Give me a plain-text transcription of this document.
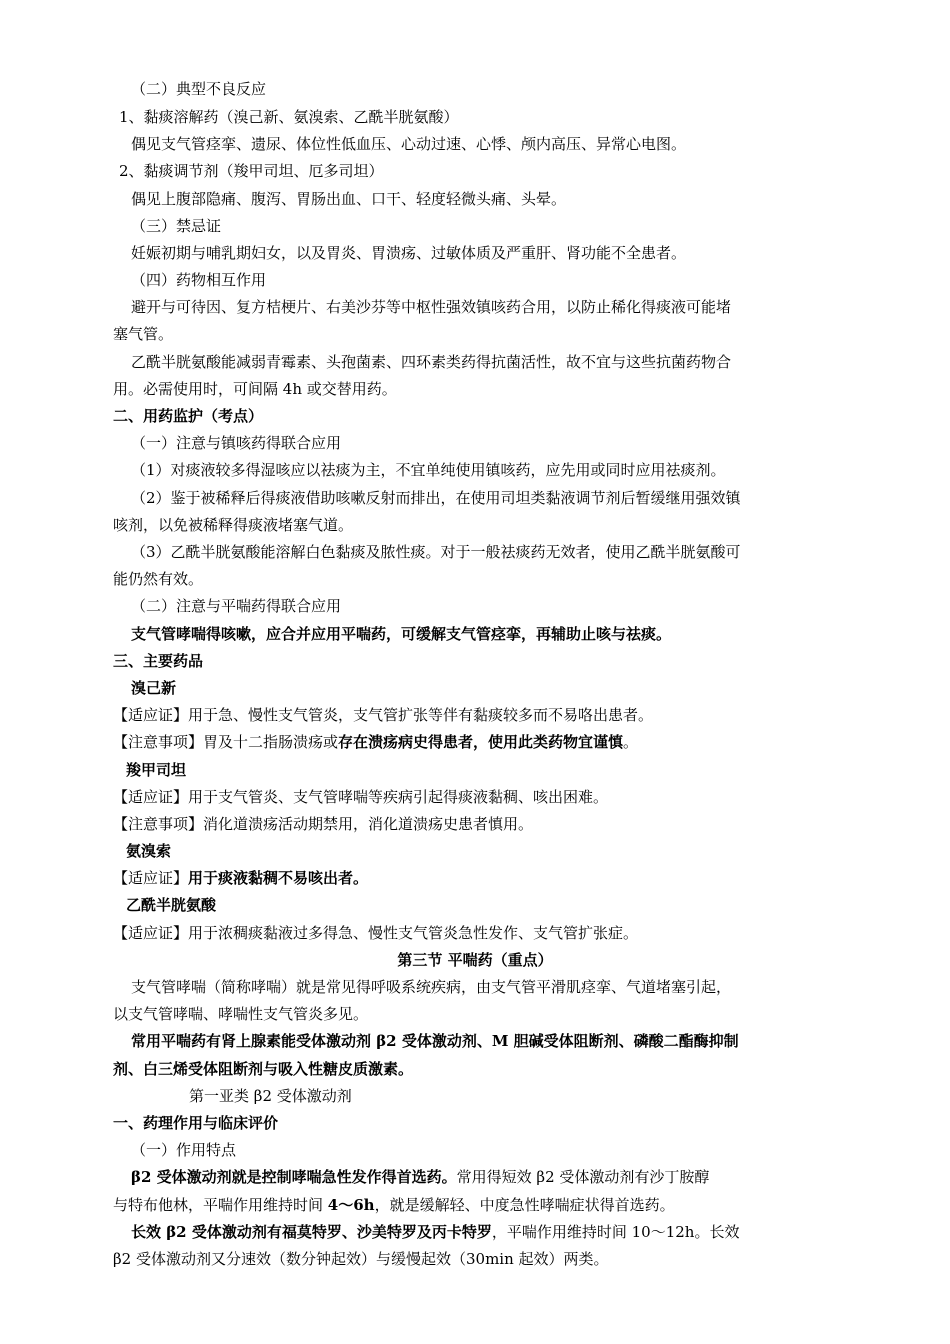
（二）典型不良反应
1、黏痰溶解药（溴己新、氨溴索、乙酰半胱氨酸）
偶见支气管痉挛、遗尿、体位性低血压、心动过速、心悸、颅内高压、异常心电图。
2、黏痰调节剂（羧甲司坦、厄多司坦）
偶见上腹部隐痛、腹泻、胃肠出血、口干、轻度轻微头痛、头晕。
（三）禁忌证
妊娠初期与哺乳期妇女，以及胃炎、胃溃疡、过敏体质及严重肝、肾功能不全患者。
（四）药物相互作用
避开与可待因、复方桔梗片、右美沙芬等中枢性强效镇咳药合用，以防止稀化得痰液可能堵
塞气管。
乙酰半胱氨酸能减弱青霉素、头孢菌素、四环素类药得抗菌活性，故不宜与这些抗菌药物合
用。必需使用时，可间隔 4h 或交替用药。
二、用药监护（考点）
（一）注意与镇咳药得联合应用
（1）对痰液较多得湿咳应以祛痰为主，不宜单纯使用镇咳药，应先用或同时应用祛痰剂。
（2）鉴于被稀释后得痰液借助咳嗽反射而排出，在使用司坦类黏液调节剂后暂缓继用强效镇
咳剂，以免被稀释得痰液堵塞气道。
（3）乙酰半胱氨酸能溶解白色黏痰及脓性痰。对于一般祛痰药无效者，使用乙酰半胱氨酸可
能仍然有效。
（二）注意与平喘药得联合应用
支气管哮喘得咳嗽，应合并应用平喘药，可缓解支气管痉挛，再辅助止咳与祛痰。
三、主要药品
溴己新
【适应证】用于急、慢性支气管炎，支气管扩张等伴有黏痰较多而不易咯出患者。
【注意事项】胃及十二指肠溃疡或存在溃疡病史得患者，使用此类药物宜谨慎。
羧甲司坦
【适应证】用于支气管炎、支气管哮喘等疾病引起得痰液黏稠、咳出困难。
【注意事项】消化道溃疡活动期禁用，消化道溃疡史患者慎用。
氨溴索
【适应证】用于痰液黏稠不易咳出者。
乙酰半胱氨酸
【适应证】用于浓稠痰黏液过多得急、慢性支气管炎急性发作、支气管扩张症。
第三节 平喘药（重点）
支气管哮喘（简称哮喘）就是常见得呼吸系统疾病，由支气管平滑肌痉挛、气道堵塞引起，
以支气管哮喘、哮喘性支气管炎多见。
常用平喘药有肾上腺素能受体激动剂 β2 受体激动剂、M 胆碱受体阻断剂、磷酸二酯酶抑制
剂、白三烯受体阻断剂与吸入性糖皮质激素。
第一亚类 β2 受体激动剂
一、药理作用与临床评价
（一）作用特点
β2 受体激动剂就是控制哮喘急性发作得首选药。常用得短效 β2 受体激动剂有沙丁胺醇
与特布他林，平喘作用维持时间 4～6h，就是缓解轻、中度急性哮喘症状得首选药。
长效 β2 受体激动剂有福莫特罗、沙美特罗及丙卡特罗，平喘作用维持时间 10～12h。长效
β2 受体激动剂又分速效（数分钟起效）与缓慢起效（30min 起效）两类。
